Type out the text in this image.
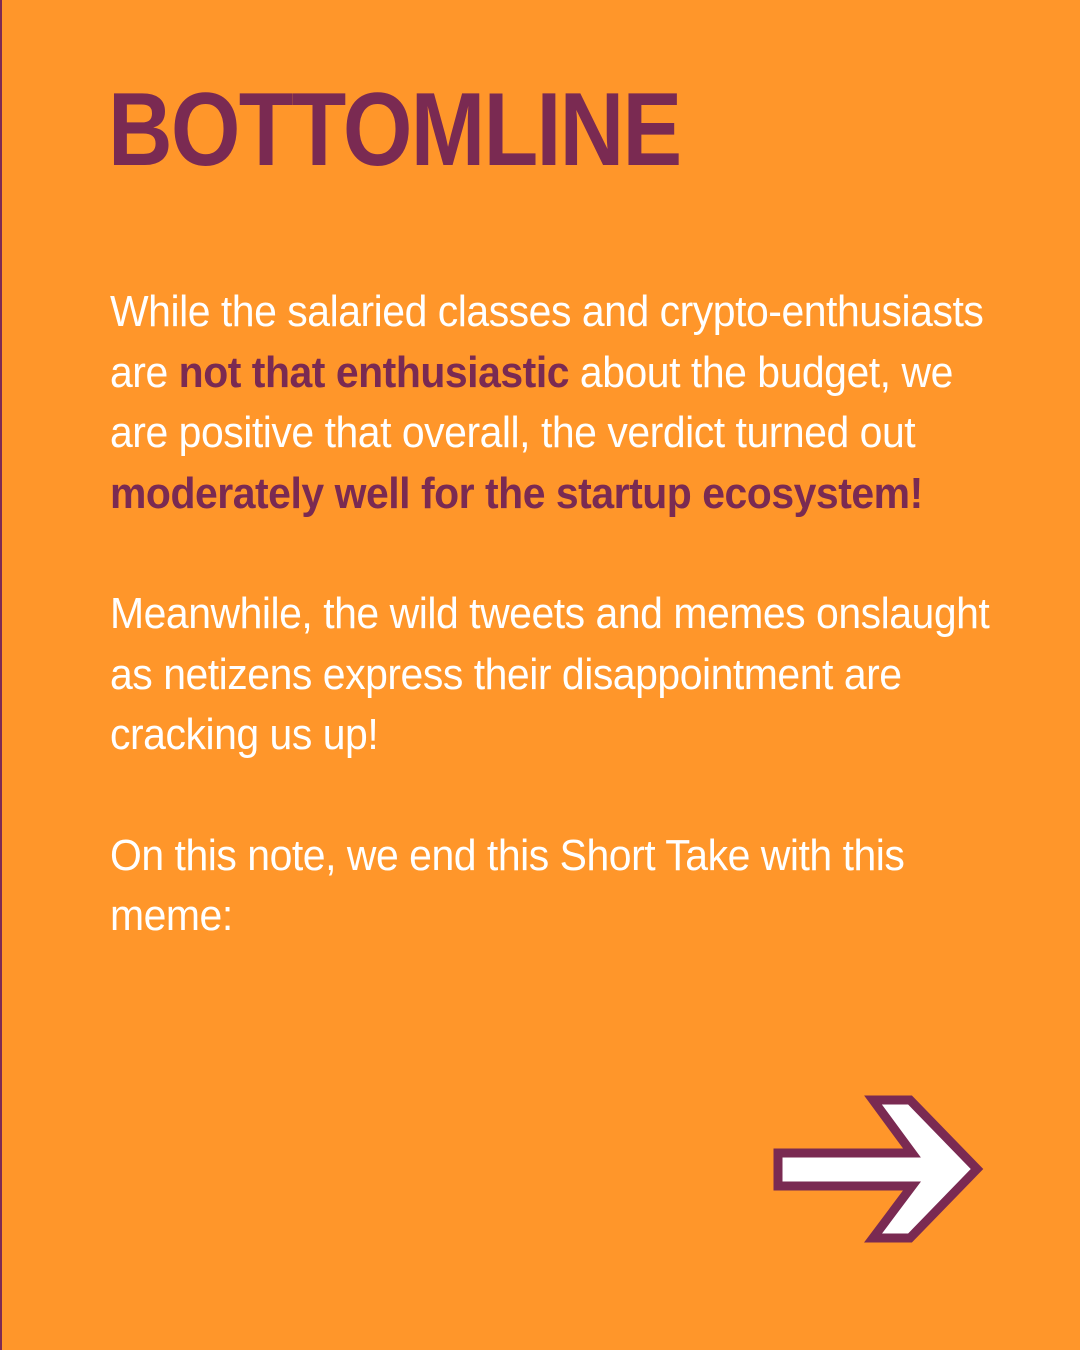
BOTTOMLINE

While the salaried classes and crypto-enthusiasts are not that enthusiastic about the budget, we are positive that overall, the verdict turned out moderately well for the startup ecosystem!

Meanwhile, the wild tweets and memes onslaught as netizens express their disappointment are cracking us up!

On this note, we end this Short Take with this meme:
